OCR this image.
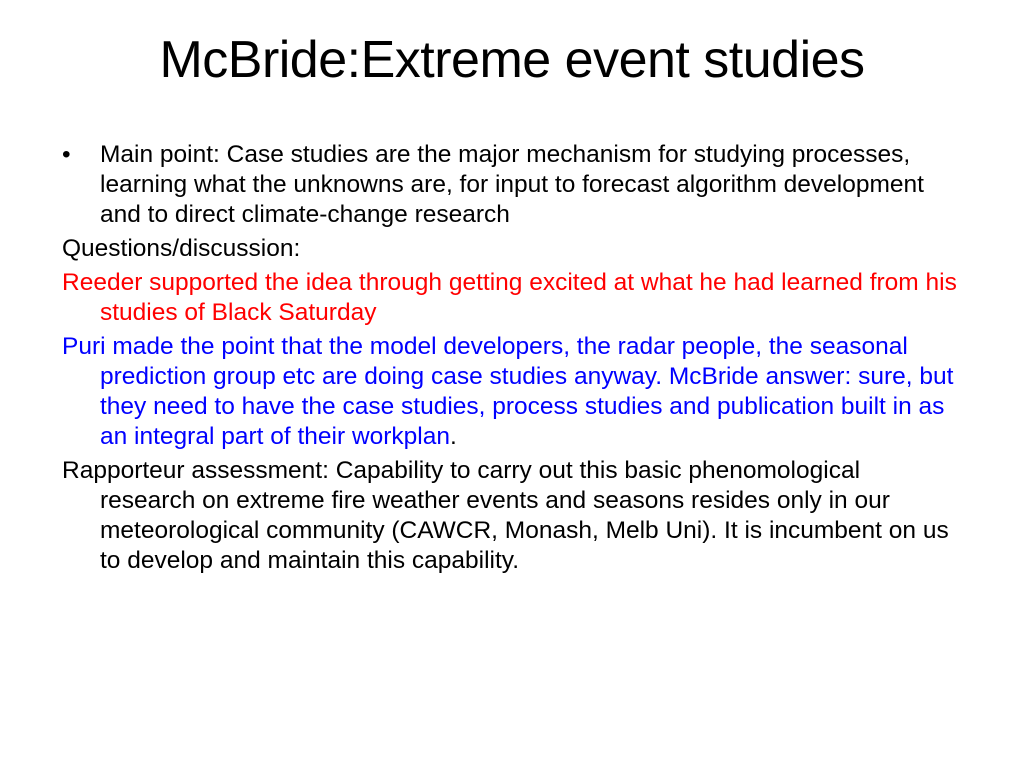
McBride:Extreme event studies

•	Main point: Case studies are the major mechanism for studying processes, learning what the unknowns are, for input to forecast algorithm development and to direct climate-change research

Questions/discussion:

Reeder supported the idea through getting excited at what he had learned from his studies of Black Saturday

Puri made the point that the model developers, the radar people, the seasonal prediction group etc are doing case studies anyway. McBride answer: sure, but they need to have the case studies, process studies and publication built in as an integral part of their workplan.

Rapporteur assessment: Capability to carry out this basic phenomological research on extreme fire weather events and seasons resides only in our meteorological community (CAWCR, Monash, Melb Uni). It is incumbent on us to develop and maintain this capability.
